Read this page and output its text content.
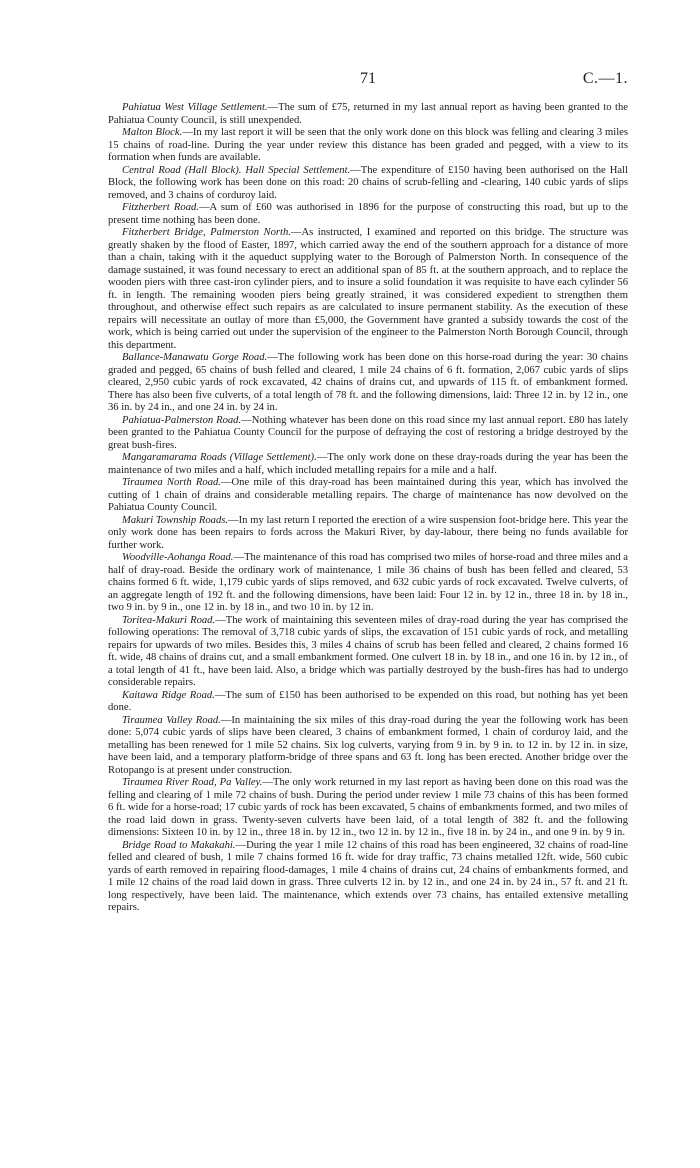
71	C.—1.

Pahiatua West Village Settlement.—The sum of £75, returned in my last annual report as having been granted to the Pahiatua County Council, is still unexpended.

Malton Block.—In my last report it will be seen that the only work done on this block was felling and clearing 3 miles 15 chains of road-line. During the year under review this distance has been graded and pegged, with a view to its formation when funds are available.

Central Road (Hall Block). Hall Special Settlement.—The expenditure of £150 having been authorised on the Hall Block, the following work has been done on this road: 20 chains of scrub-felling and -clearing, 140 cubic yards of slips removed, and 3 chains of corduroy laid.

Fitzherbert Road.—A sum of £60 was authorised in 1896 for the purpose of constructing this road, but up to the present time nothing has been done.

Fitzherbert Bridge, Palmerston North.—As instructed, I examined and reported on this bridge. The structure was greatly shaken by the flood of Easter, 1897, which carried away the end of the southern approach for a distance of more than a chain, taking with it the aqueduct supplying water to the Borough of Palmerston North. In consequence of the damage sustained, it was found necessary to erect an additional span of 85 ft. at the southern approach, and to replace the wooden piers with three cast-iron cylinder piers, and to insure a solid foundation it was requisite to have each cylinder 56 ft. in length. The remaining wooden piers being greatly strained, it was considered expedient to strengthen them throughout, and otherwise effect such repairs as are calculated to insure permanent stability. As the execution of these repairs will necessitate an outlay of more than £5,000, the Government have granted a subsidy towards the cost of the work, which is being carried out under the supervision of the engineer to the Palmerston North Borough Council, through this department.

Ballance-Manawatu Gorge Road.—The following work has been done on this horse-road during the year: 30 chains graded and pegged, 65 chains of bush felled and cleared, 1 mile 24 chains of 6 ft. formation, 2,067 cubic yards of slips cleared, 2,950 cubic yards of rock excavated, 42 chains of drains cut, and upwards of 115 ft. of embankment formed. There has also been five culverts, of a total length of 78 ft. and the following dimensions, laid: Three 12 in. by 12 in., one 36 in. by 24 in., and one 24 in. by 24 in.

Pahiatua-Palmerston Road.—Nothing whatever has been done on this road since my last annual report. £80 has lately been granted to the Pahiatua County Council for the purpose of defraying the cost of restoring a bridge destroyed by the great bush-fires.

Mangaramarama Roads (Village Settlement).—The only work done on these dray-roads during the year has been the maintenance of two miles and a half, which included metalling repairs for a mile and a half.

Tiraumea North Road.—One mile of this dray-road has been maintained during this year, which has involved the cutting of 1 chain of drains and considerable metalling repairs. The charge of maintenance has now devolved on the Pahiatua County Council.

Makuri Township Roads.—In my last return I reported the erection of a wire suspension foot-bridge here. This year the only work done has been repairs to fords across the Makuri River, by day-labour, there being no funds available for further work.

Woodville-Aohanga Road.—The maintenance of this road has comprised two miles of horse-road and three miles and a half of dray-road. Beside the ordinary work of maintenance, 1 mile 36 chains of bush has been felled and cleared, 53 chains formed 6 ft. wide, 1,179 cubic yards of slips removed, and 632 cubic yards of rock excavated. Twelve culverts, of an aggregate length of 192 ft. and the following dimensions, have been laid: Four 12 in. by 12 in., three 18 in. by 18 in., two 9 in. by 9 in., one 12 in. by 18 in., and two 10 in. by 12 in.

Toritea-Makuri Road.—The work of maintaining this seventeen miles of dray-road during the year has comprised the following operations: The removal of 3,718 cubic yards of slips, the excavation of 151 cubic yards of rock, and metalling repairs for upwards of two miles. Besides this, 3 miles 4 chains of scrub has been felled and cleared, 2 chains formed 16 ft. wide, 48 chains of drains cut, and a small embankment formed. One culvert 18 in. by 18 in., and one 16 in. by 12 in., of a total length of 41 ft., have been laid. Also, a bridge which was partially destroyed by the bush-fires has had to undergo considerable repairs.

Kaitawa Ridge Road.—The sum of £150 has been authorised to be expended on this road, but nothing has yet been done.

Tiraumea Valley Road.—In maintaining the six miles of this dray-road during the year the following work has been done: 5,074 cubic yards of slips have been cleared, 3 chains of embankment formed, 1 chain of corduroy laid, and the metalling has been renewed for 1 mile 52 chains. Six log culverts, varying from 9 in. by 9 in. to 12 in. by 12 in. in size, have been laid, and a temporary platform-bridge of three spans and 63 ft. long has been erected. Another bridge over the Rotopango is at present under construction.

Tiraumea River Road, Pa Valley.—The only work returned in my last report as having been done on this road was the felling and clearing of 1 mile 72 chains of bush. During the period under review 1 mile 73 chains of this has been formed 6 ft. wide for a horse-road; 17 cubic yards of rock has been excavated, 5 chains of embankments formed, and two miles of the road laid down in grass. Twenty-seven culverts have been laid, of a total length of 382 ft. and the following dimensions: Sixteen 10 in. by 12 in., three 18 in. by 12 in., two 12 in. by 12 in., five 18 in. by 24 in., and one 9 in. by 9 in.

Bridge Road to Makakahi.—During the year 1 mile 12 chains of this road has been engineered, 32 chains of road-line felled and cleared of bush, 1 mile 7 chains formed 16 ft. wide for dray traffic, 73 chains metalled 12ft. wide, 560 cubic yards of earth removed in repairing flood-damages, 1 mile 4 chains of drains cut, 24 chains of embankments formed, and 1 mile 12 chains of the road laid down in grass. Three culverts 12 in. by 12 in., and one 24 in. by 24 in., 57 ft. and 21 ft. long respectively, have been laid. The maintenance, which extends over 73 chains, has entailed extensive metalling repairs.
